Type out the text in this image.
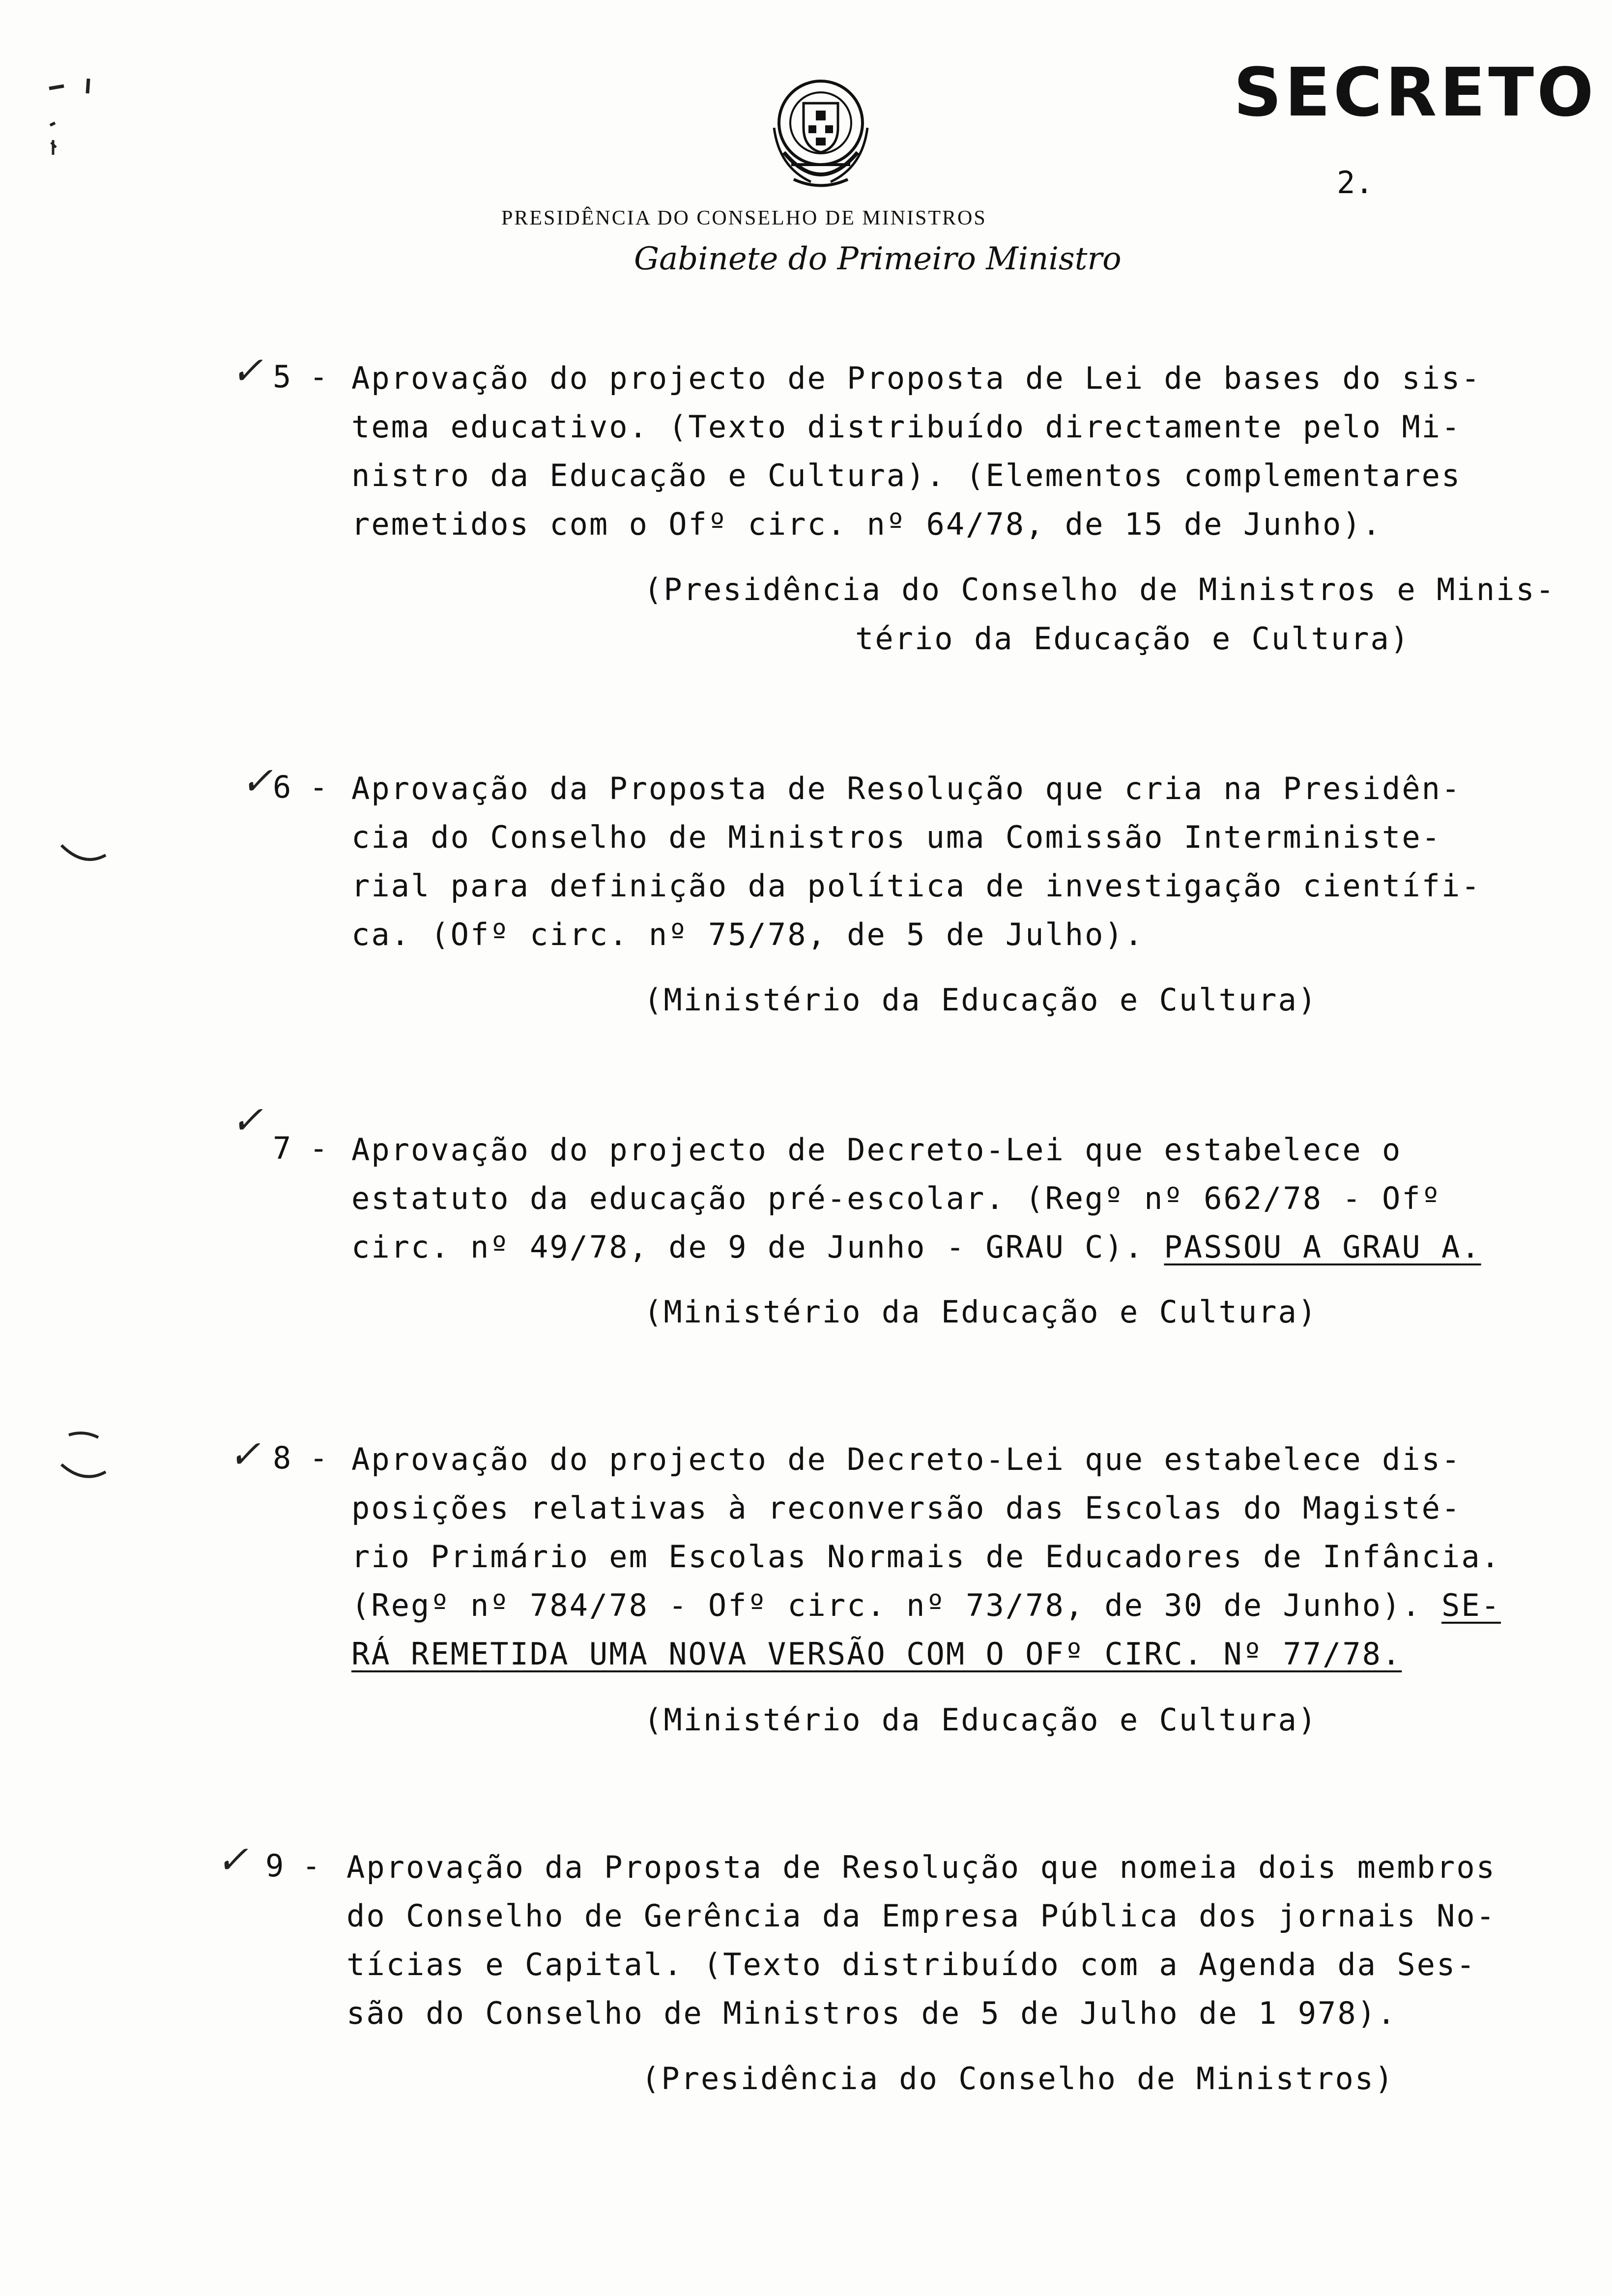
PRESIDÊNCIA DO CONSELHO DE MINISTROS
Gabinete do Primeiro Ministro
SECRETO
2.
✓ 5 - Aprovação do projecto de Proposta de Lei de bases do sis-
tema educativo. (Texto distribuído directamente pelo Mi-
nistro da Educação e Cultura). (Elementos complementares
remetidos com o Ofº circ. nº 64/78, de 15 de Junho).
(Presidência do Conselho de Ministros e Minis-
tério da Educação e Cultura)
✓ 6 - Aprovação da Proposta de Resolução que cria na Presidên-
cia do Conselho de Ministros uma Comissão Interministe-
rial para definição da política de investigação científi-
ca. (Ofº circ. nº 75/78, de 5 de Julho).
(Ministério da Educação e Cultura)
✓
7 - Aprovação do projecto de Decreto-Lei que estabelece o
estatuto da educação pré-escolar. (Regº nº 662/78 - Ofº
circ. nº 49/78, de 9 de Junho - GRAU C). PASSOU A GRAU A.
(Ministério da Educação e Cultura)
✓ 8 - Aprovação do projecto de Decreto-Lei que estabelece dis-
posições relativas à reconversão das Escolas do Magisté-
rio Primário em Escolas Normais de Educadores de Infância.
(Regº nº 784/78 - Ofº circ. nº 73/78, de 30 de Junho). SE-
RÁ REMETIDA UMA NOVA VERSÃO COM O OFº CIRC. Nº 77/78.
(Ministério da Educação e Cultura)
✓ 9 - Aprovação da Proposta de Resolução que nomeia dois membros
do Conselho de Gerência da Empresa Pública dos jornais No-
tícias e Capital. (Texto distribuído com a Agenda da Ses-
são do Conselho de Ministros de 5 de Julho de 1 978).
(Presidência do Conselho de Ministros)
